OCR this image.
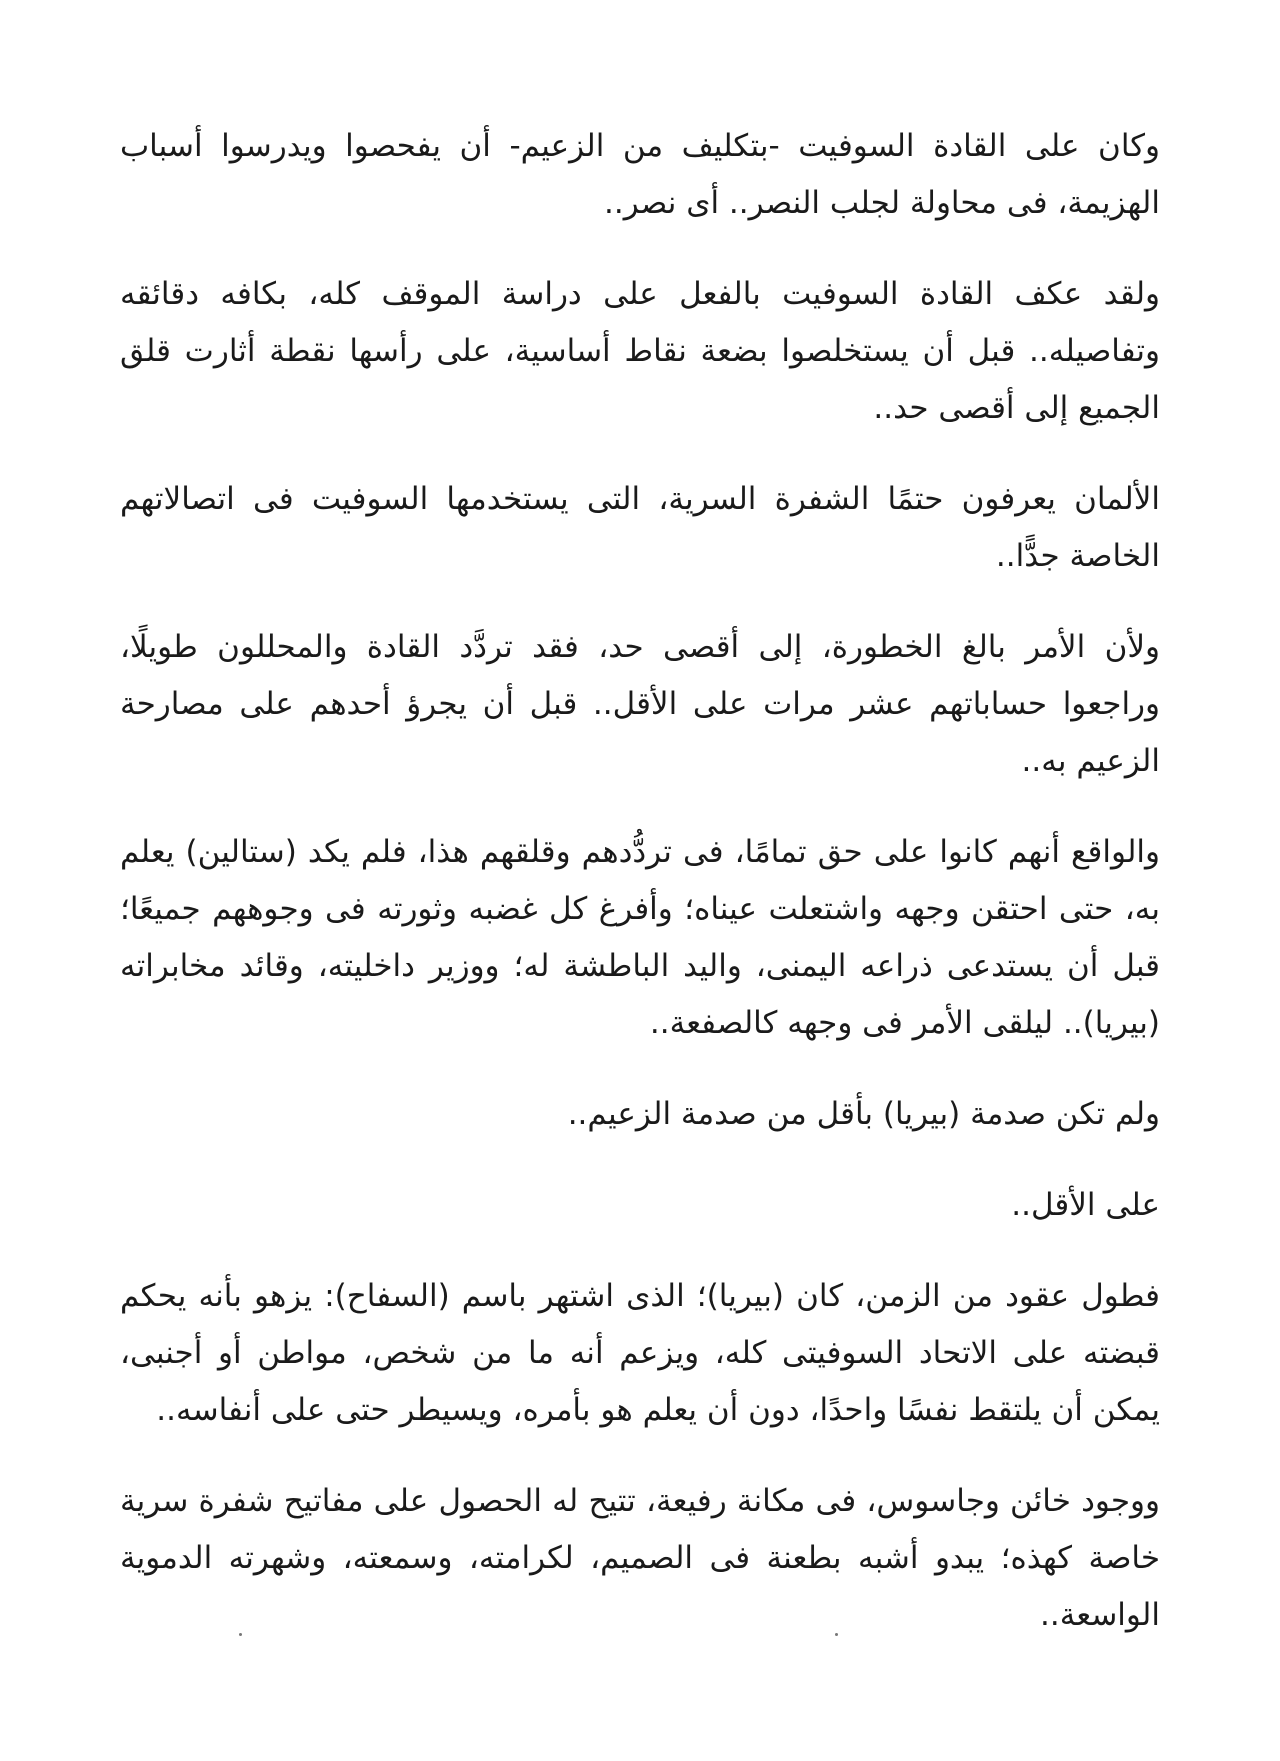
وكان على القادة السوفيت -بتكليف من الزعيم- أن يفحصوا ويدرسوا أسباب الهزيمة، فى محاولة لجلب النصر.. أى نصر..

ولقد عكف القادة السوفيت بالفعل على دراسة الموقف كله، بكافه دقائقه وتفاصيله.. قبل أن يستخلصوا بضعة نقاط أساسية، على رأسها نقطة أثارت قلق الجميع إلى أقصى حد..

الألمان يعرفون حتمًا الشفرة السرية، التى يستخدمها السوفيت فى اتصالاتهم الخاصة جدًّا..

ولأن الأمر بالغ الخطورة، إلى أقصى حد، فقد تردَّد القادة والمحللون طويلًا، وراجعوا حساباتهم عشر مرات على الأقل.. قبل أن يجرؤ أحدهم على مصارحة الزعيم به..

والواقع أنهم كانوا على حق تمامًا، فى تردُّدهم وقلقهم هذا، فلم يكد (ستالين) يعلم به، حتى احتقن وجهه واشتعلت عيناه؛ وأفرغ كل غضبه وثورته فى وجوههم جميعًا؛ قبل أن يستدعى ذراعه اليمنى، واليد الباطشة له؛ ووزير داخليته، وقائد مخابراته (بيريا).. ليلقى الأمر فى وجهه كالصفعة..

ولم تكن صدمة (بيريا) بأقل من صدمة الزعيم..

على الأقل..

فطول عقود من الزمن، كان (بيريا)؛ الذى اشتهر باسم (السفاح): يزهو بأنه يحكم قبضته على الاتحاد السوفيتى كله، ويزعم أنه ما من شخص، مواطن أو أجنبى، يمكن أن يلتقط نفسًا واحدًا، دون أن يعلم هو بأمره، ويسيطر حتى على أنفاسه..

ووجود خائن وجاسوس، فى مكانة رفيعة، تتيح له الحصول على مفاتيح شفرة سرية خاصة كهذه؛ يبدو أشبه بطعنة فى الصميم، لكرامته، وسمعته، وشهرته الدموية الواسعة..
